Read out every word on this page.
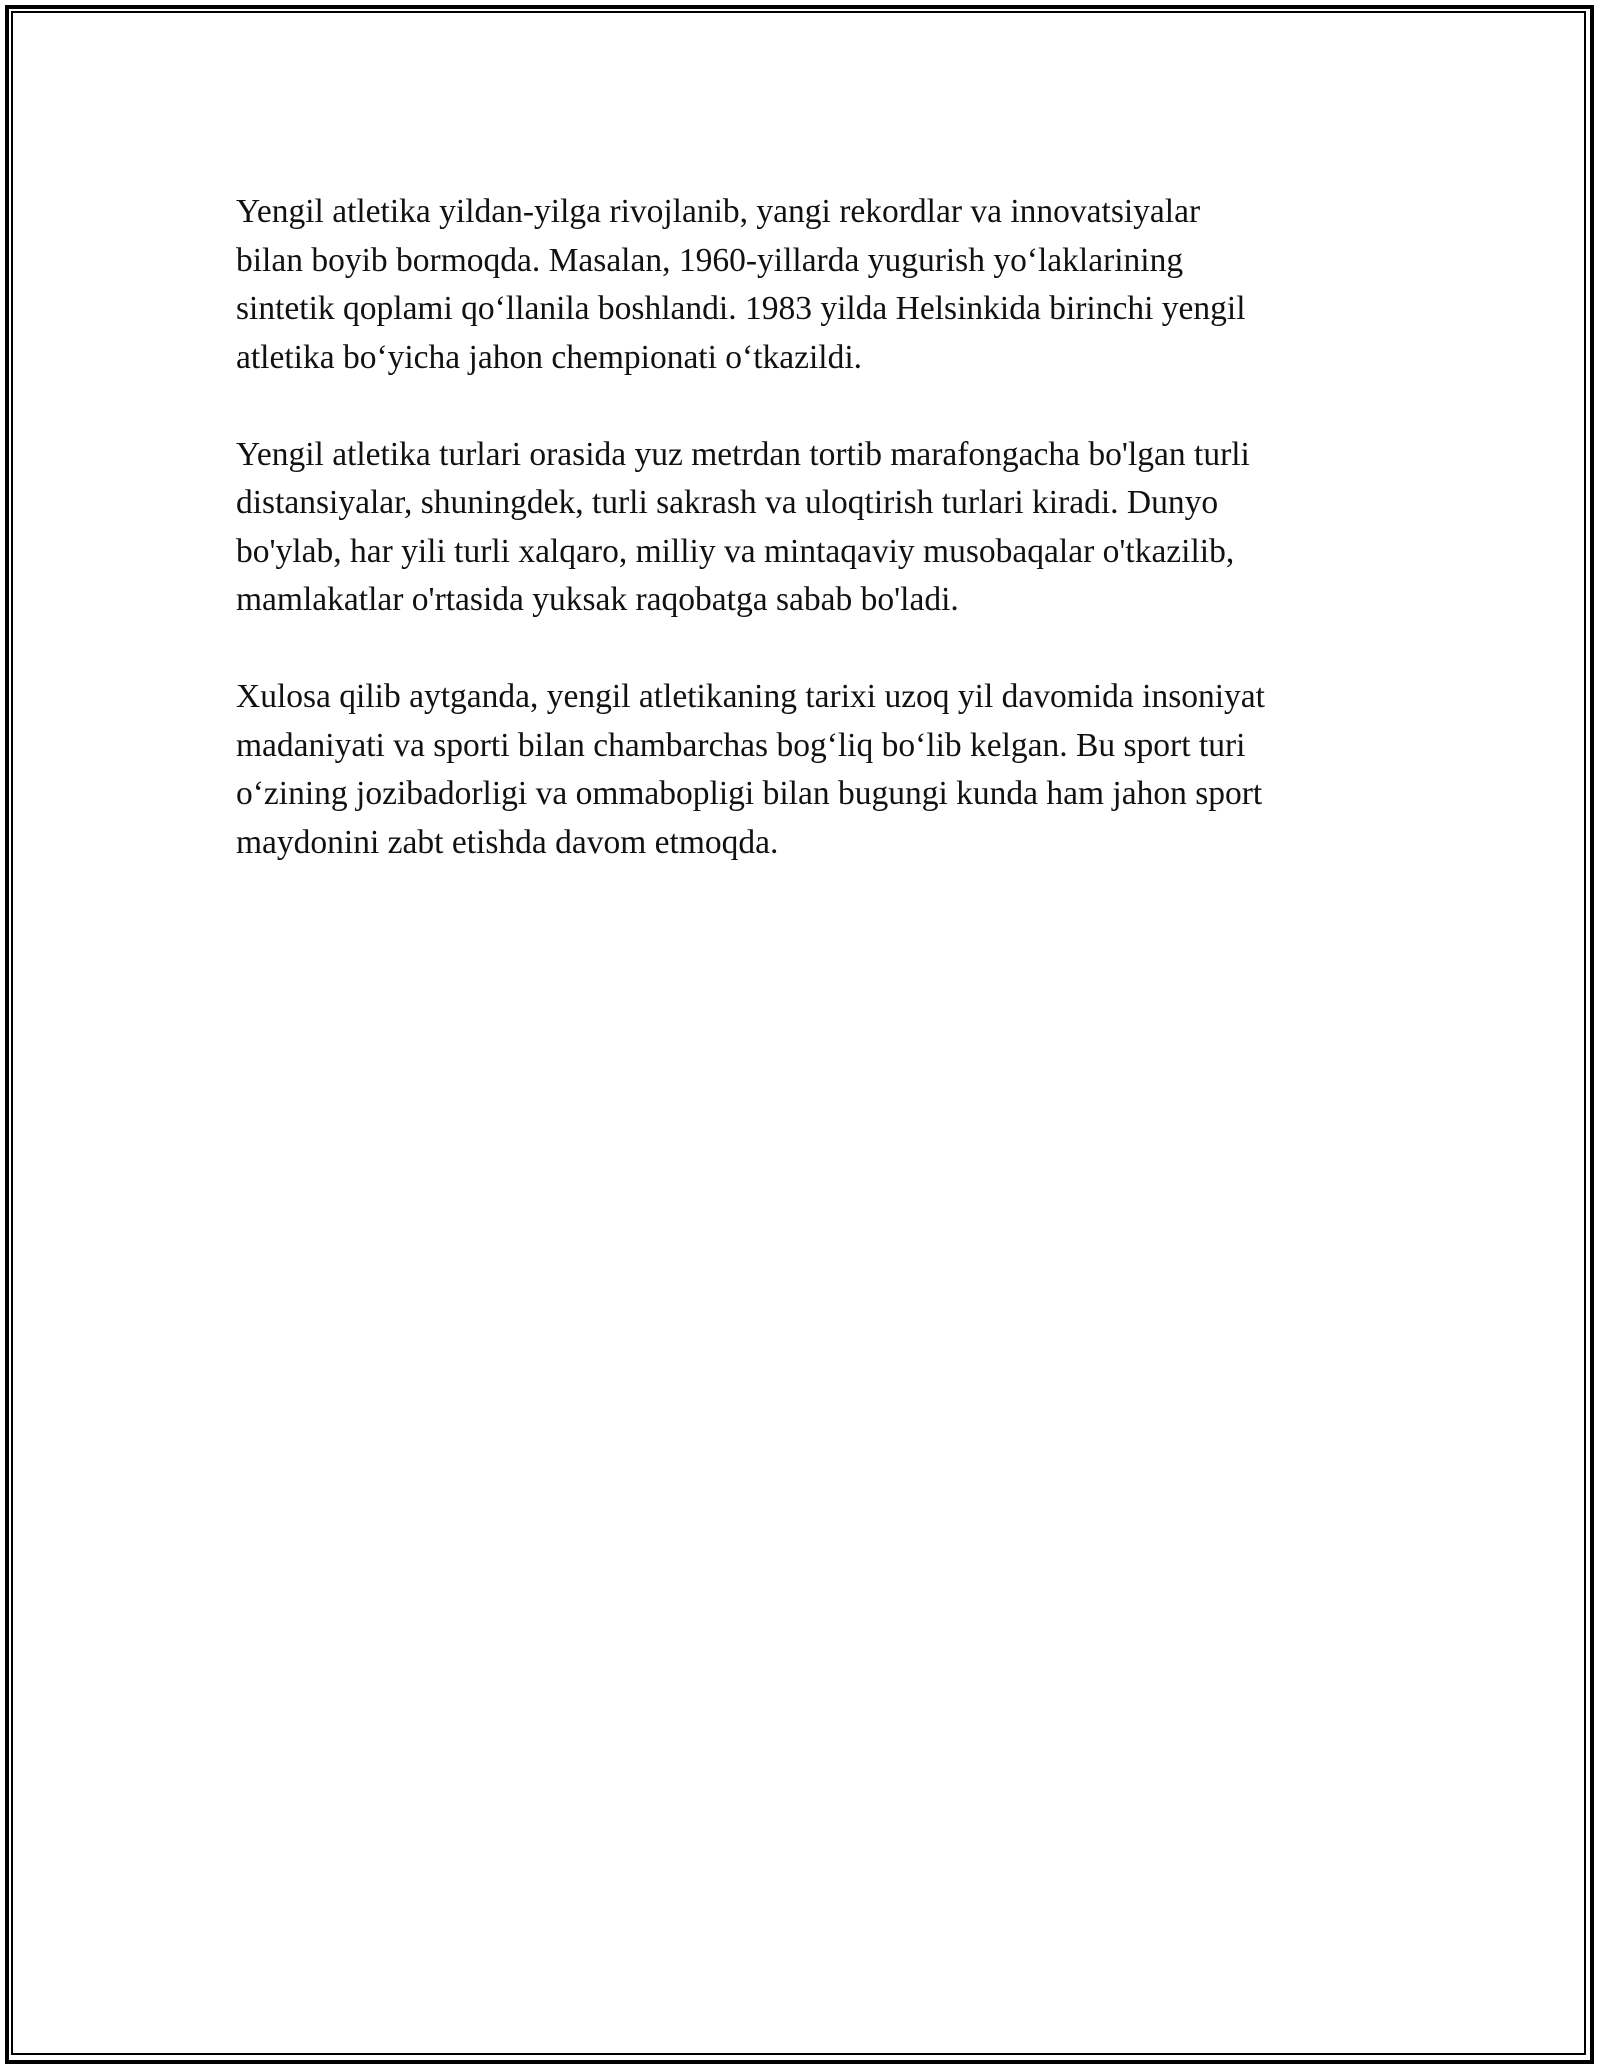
Yengil atletika yildan-yilga rivojlanib, yangi rekordlar va innovatsiyalar
bilan boyib bormoqda. Masalan, 1960-yillarda yugurish yo‘laklarining
sintetik qoplami qo‘llanila boshlandi. 1983 yilda Helsinkida birinchi yengil
atletika bo‘yicha jahon chempionati o‘tkazildi.

Yengil atletika turlari orasida yuz metrdan tortib marafongacha bo'lgan turli
distansiyalar, shuningdek, turli sakrash va uloqtirish turlari kiradi. Dunyo
bo'ylab, har yili turli xalqaro, milliy va mintaqaviy musobaqalar o'tkazilib,
mamlakatlar o'rtasida yuksak raqobatga sabab bo'ladi.

Xulosa qilib aytganda, yengil atletikaning tarixi uzoq yil davomida insoniyat
madaniyati va sporti bilan chambarchas bog‘liq bo‘lib kelgan. Bu sport turi
o‘zining jozibadorligi va ommabopligi bilan bugungi kunda ham jahon sport
maydonini zabt etishda davom etmoqda.
